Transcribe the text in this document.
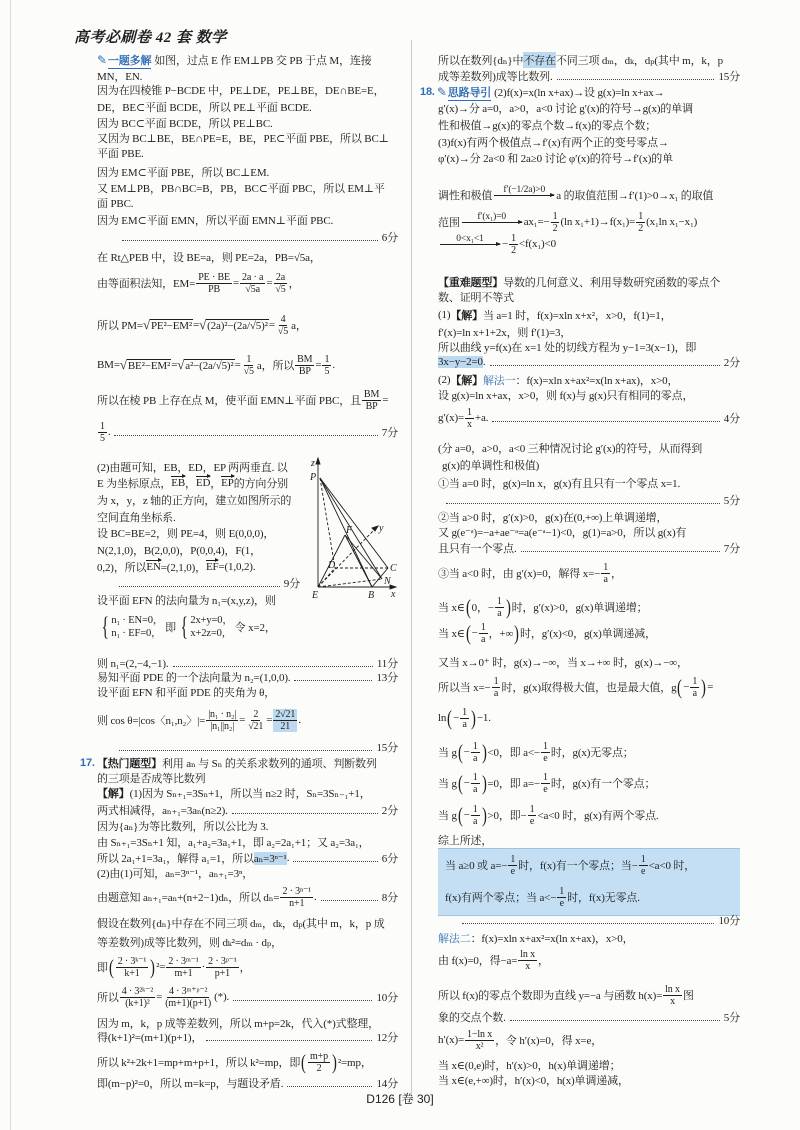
高考必刷卷 42 套 数学
✎ 一题多解 如图，过点 E 作 EM⊥PB 交 PB 于点 M，连接
MN，EN.
因为在四棱锥 P−BCDE 中，PE⊥DE，PE⊥BE，DE∩BE=E，
DE，BE⊂平面 BCDE，所以 PE⊥平面 BCDE.
因为 BC⊂平面 BCDE，所以 PE⊥BC.
又因为 BC⊥BE，BE∩PE=E，BE，PE⊂平面 PBE，所以 BC⊥
平面 PBE.
因为 EM⊂平面 PBE，所以 BC⊥EM.
又 EM⊥PB，PB∩BC=B，PB，BC⊂平面 PBC，所以 EM⊥平
面 PBC.
因为 EM⊂平面 EMN，所以平面 EMN⊥平面 PBC.
6分
在 Rt△PEB 中，设 BE=a，则 PE=2a，PB=√5a，
由等面积法知，$EM= \frac{PE \cdot BE}{PB} = \frac{2a \cdot a}{√5a} = \frac{2a}{√5}$ ，
所以 $PM= √PE^2-EM^2 = √(2a)^2-(2a/√5)^2 = \frac{4}{√5}$ a，
$BM= √BE^2-EM^2 = √a^2-(2a/√5)^2 = \frac{1}{√5}$ a，所以 $\frac{BM}{BP} = \frac{1}{5}$ .
所以在棱 PB 上存在点 M，使平面 EMN⊥平面 PBC，且 $\frac{BM}{BP}$ =
$\frac{1}{5}$ .	7分
(2)由题可知，EB，ED，EP 两两垂直. 以
E 为坐标原点， EB ， ED ， EP 的方向分别
为 x，y，z 轴的正方向，建立如图所示的
空间直角坐标系.
设 BC=BE=2，则 PE=4，则 E(0,0,0)，
N(2,1,0)，B(2,0,0)，P(0,0,4)，F(1，
0,2)，所以 EN =(2,1,0)， EF =(1,0,2).
9分
设平面 EFN 的法向量为 n₁=(x,y,z)，则
{ n₁ · EN=0，
n₁ · EF=0， 即 { 2x+y=0，
x+2z=0， 令 x=2，
则 n₁=(2,−4,−1).	11分
易知平面 PDE 的一个法向量为 n₂=(1,0,0).	13分
设平面 EFN 和平面 PDE 的夹角为 θ，
则 cos θ=|cos〈n₁,n₂〉|= $\frac{\text{|n₁ · n₂|}}{\text{|n₁||n₂|}} = \frac{2}{√21} = \frac{2√21}{21}$ .
15分
17. 【热门题型】 利用 aₙ 与 Sₙ 的关系求数列的通项、判断数列
的三项是否成等比数列
【解】 (1)因为 Sₙ₊₁=3Sₙ+1，所以当 n≥2 时，Sₙ=3Sₙ₋₁+1，
两式相减得，aₙ₊₁=3aₙ(n≥2).	2分
因为{aₙ}为等比数列，所以公比为 3.
由 Sₙ₊₁=3Sₙ+1 知，a₁+a₂=3a₁+1，即 a₂=2a₁+1；又 a₂=3a₁，
所以 2a₁+1=3a₁，解得 a₁=1，所以 aₙ=3ⁿ⁻¹ .	6分
(2)由(1)可知，aₙ=3ⁿ⁻¹，aₙ₊₁=3ⁿ，
由题意知 aₙ₊₁=aₙ+(n+2−1)dₙ，所以 $d_n= \frac{\text{2 · 3ⁿ⁻¹}}{n+1}$ .	8分
假设在数列{dₙ}中存在不同三项 dₘ，dₖ，dₚ(其中 m，k，p 成
等差数列)成等比数列，则 dₖ²=dₘ · dₚ，
即 ( $\frac{\text{2 · 3ᵏ⁻¹}}{k+1}$ ) $^2= \frac{\text{2 · 3ᵐ⁻¹}}{m+1} \cdot \frac{\text{2 · 3ᵖ⁻¹}}{p+1}$ ，
所以 $\frac{\text{4 · 3²ᵏ⁻²}}{\text{(k+1)²}} = \frac{\text{4 · 3ᵐ⁺ᵖ⁻²}}{(m+1)(p+1)}$ (*).	10分
因为 m，k，p 成等差数列，所以 m+p=2k，代入(*)式整理，
得(k+1)²=(m+1)(p+1)，	12分
所以 k²+2k+1=mp+m+p+1，所以 k²=mp，即 ( $\frac{m+p}{2}$ ) ²=mp，
即(m−p)²=0，所以 m=k=p，与题设矛盾.	14分
所以在数列{dₙ}中 不存在 不同三项 dₘ，dₖ，dₚ(其中 m，k，p
成等差数列)成等比数列.	15分
18. ✎ 思路导引 (2)f(x)=x(ln x+ax)→设 g(x)=ln x+ax→
g′(x)→分 a=0，a>0，a<0 讨论 g′(x)的符号→g(x)的单调
性和极值→g(x)的零点个数→f(x)的零点个数；
(3)f(x)有两个极值点→f′(x)有两个正的变号零点→
φ′(x)→分 2a<0 和 2a≥0 讨论 φ′(x)的符号→f′(x)的单
调性和极值
f′(−1/2a)>0
a 的取值范围→f′(1)>0→x₁ 的取值
范围
f′(x₁)=0	$ax_1=- \frac{1}{2} (\ln$ $x_1+1)\to f(x_1)= \frac{1}{2} (x_1\ln$ x₁−x₁)
0<x₁<1	− $\frac{1}{2} <f(x_1)<0$
【重难题型】 导数的几何意义、利用导数研究函数的零点个
数、证明不等式
(1) 【解】 当 a=1 时，f(x)=xln x+x²，x>0，f(1)=1，
f′(x)=ln x+1+2x，则 f′(1)=3，
所以曲线 y=f(x)在 x=1 处的切线方程为 y−1=3(x−1)，即
3x−y−2=0 .	2分
(2) 【解】 解法一 ：f(x)=xln x+ax²=x(ln x+ax)，x>0，
设 g(x)=ln x+ax，x>0，则 f(x)与 g(x)只有相同的零点，
$g'(x)= \frac{1}{x} +a$.	4分
(分 a=0，a>0，a<0 三种情况讨论 g′(x)的符号，从而得到
g(x)的单调性和极值)
①当 a=0 时，g(x)=ln x，g(x)有且只有一个零点 x=1.
5分
②当 a>0 时，g′(x)>0，g(x)在(0,+∞)上单调递增，
又 g(e⁻ᵃ)=−a+ae⁻ᵃ=a(e⁻ᵃ−1)<0，g(1)=a>0，所以 g(x)有
且只有一个零点.	7分
③当 a<0 时，由 g′(x)=0，解得 $x=- \frac{1}{a}$ ，
当 x∈ ( 0，− $\frac{1}{a}$ ) 时，g′(x)>0，g(x)单调递增；
当 x∈ ( − $\frac{1}{a}$ ，+∞ ) 时，g′(x)<0，g(x)单调递减，
又当 x→0⁺ 时，g(x)→−∞，当 x→+∞ 时，g(x)→−∞，
所以当 $x=- \frac{1}{a}$ 时，g(x)取得极大值，也是最大值，g ( − $\frac{1}{a}$ ) =
ln ( − $\frac{1}{a}$ ) −1.
当 g ( − $\frac{1}{a}$ ) <0，即 $a<- \frac{1}{e}$ 时，g(x)无零点；
当 g ( − $\frac{1}{a}$ ) =0，即 $a=- \frac{1}{e}$ 时，g(x)有一个零点；
当 g ( − $\frac{1}{a}$ ) >0，即− $\frac{1}{e} <a<0$ 时，g(x)有两个零点.
综上所述，
当 a≥0 或 $a=- \frac{1}{e}$ 时，f(x)有一个零点；当− $\frac{1}{e} <a<0$ 时，
f(x)有两个零点；当 $a<- \frac{1}{e}$ 时，f(x)无零点.
10分
解法二 ：f(x)=xln x+ax²=x(ln x+ax)，x>0，
由 f(x)=0，得$-a= \frac{\text{ln x}}{x}$ ，
所以 f(x)的零点个数即为直线 y=−a 与函数 $h(x)= \frac{\text{ln x}}{x}$ 图
象的交点个数.	5分
$h'(x)= \frac{\text{1−ln x}}{\text{x²}}$ ，令 h′(x)=0，得 x=e，
当 x∈(0,e)时，h′(x)>0，h(x)单调递增；
当 x∈(e,+∞)时，h′(x)<0，h(x)单调递减，
z
P
E	B x
C
D
N
F	y
D126 [卷 30]
